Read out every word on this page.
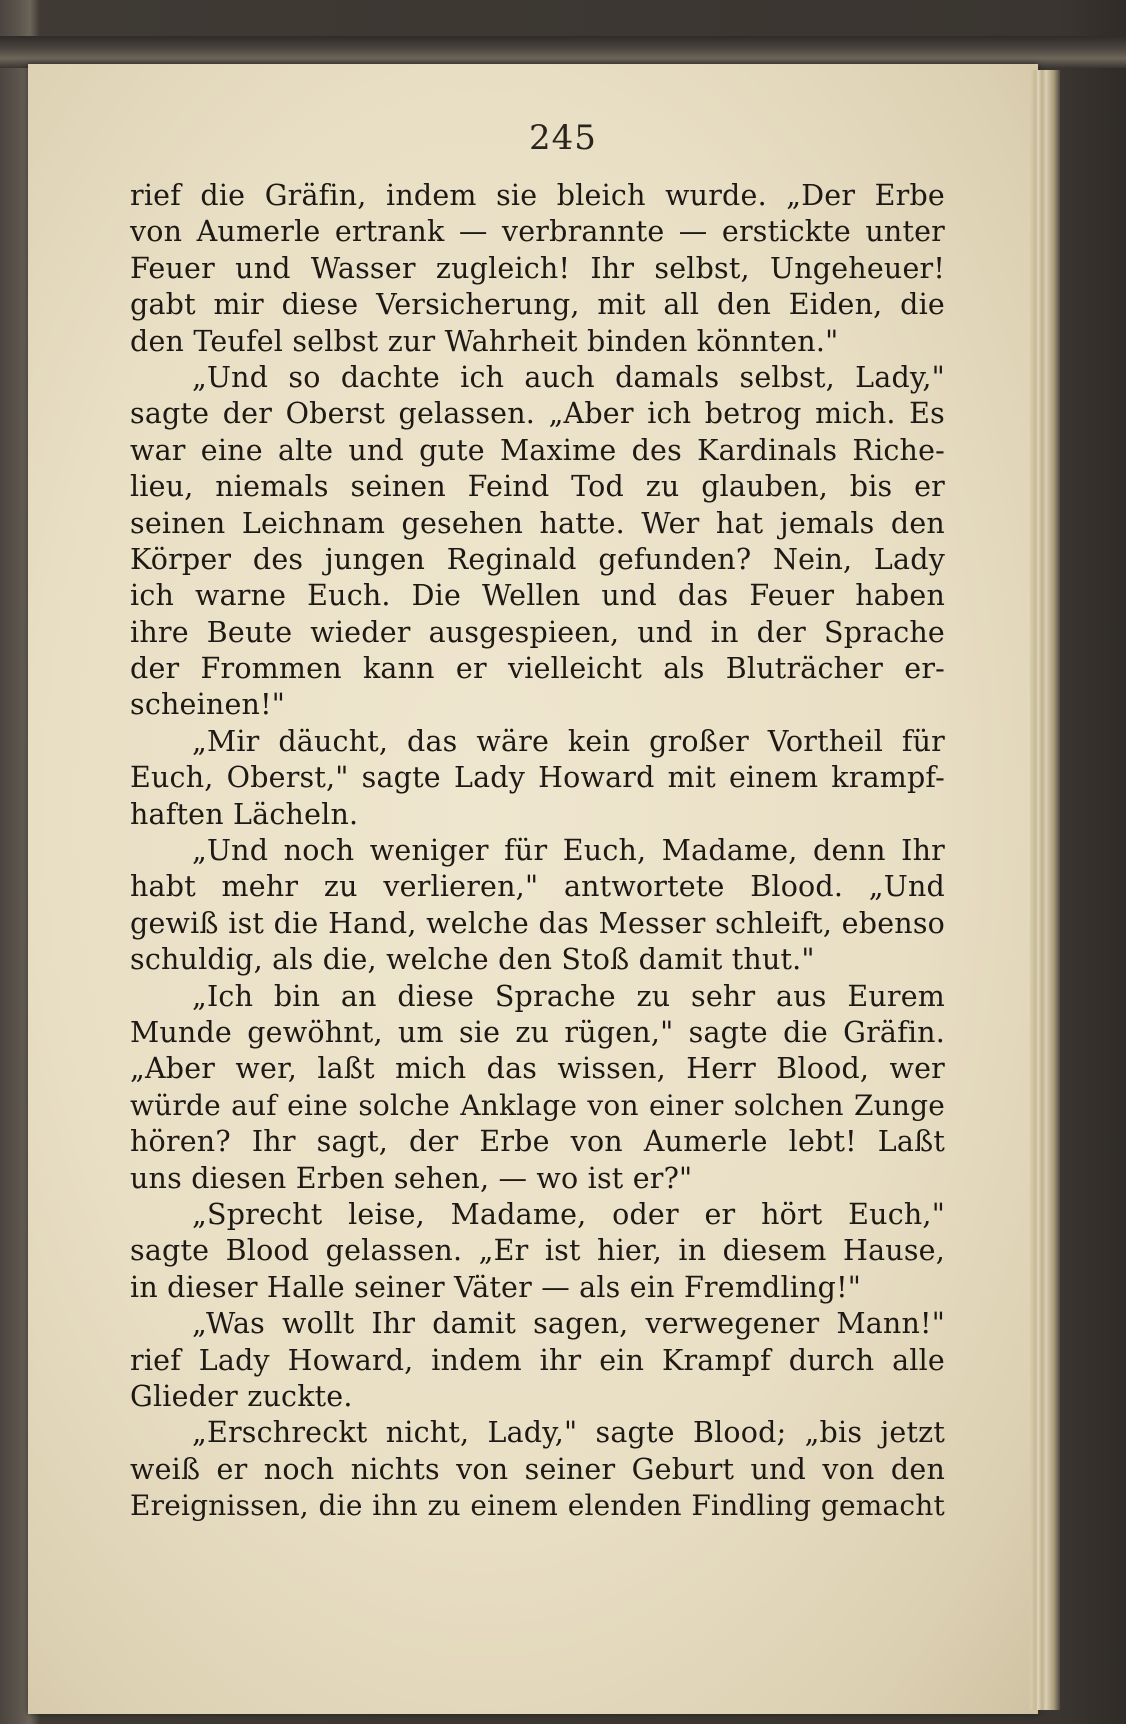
245
rief die Gräfin, indem sie bleich wurde. „Der Erbe
von Aumerle ertrank — verbrannte — erstickte unter
Feuer und Wasser zugleich! Ihr selbst, Ungeheuer!
gabt mir diese Versicherung, mit all den Eiden, die
den Teufel selbst zur Wahrheit binden könnten."
„Und so dachte ich auch damals selbst, Lady,"
sagte der Oberst gelassen. „Aber ich betrog mich. Es
war eine alte und gute Maxime des Kardinals Riche-
lieu, niemals seinen Feind Tod zu glauben, bis er
seinen Leichnam gesehen hatte. Wer hat jemals den
Körper des jungen Reginald gefunden? Nein, Lady
ich warne Euch. Die Wellen und das Feuer haben
ihre Beute wieder ausgespieen, und in der Sprache
der Frommen kann er vielleicht als Bluträcher er-
scheinen!"
„Mir däucht, das wäre kein großer Vortheil für
Euch, Oberst," sagte Lady Howard mit einem krampf-
haften Lächeln.
„Und noch weniger für Euch, Madame, denn Ihr
habt mehr zu verlieren," antwortete Blood. „Und
gewiß ist die Hand, welche das Messer schleift, ebenso
schuldig, als die, welche den Stoß damit thut."
„Ich bin an diese Sprache zu sehr aus Eurem
Munde gewöhnt, um sie zu rügen," sagte die Gräfin.
„Aber wer, laßt mich das wissen, Herr Blood, wer
würde auf eine solche Anklage von einer solchen Zunge
hören? Ihr sagt, der Erbe von Aumerle lebt! Laßt
uns diesen Erben sehen, — wo ist er?"
„Sprecht leise, Madame, oder er hört Euch,"
sagte Blood gelassen. „Er ist hier, in diesem Hause,
in dieser Halle seiner Väter — als ein Fremdling!"
„Was wollt Ihr damit sagen, verwegener Mann!"
rief Lady Howard, indem ihr ein Krampf durch alle
Glieder zuckte.
„Erschreckt nicht, Lady," sagte Blood; „bis jetzt
weiß er noch nichts von seiner Geburt und von den
Ereignissen, die ihn zu einem elenden Findling gemacht
